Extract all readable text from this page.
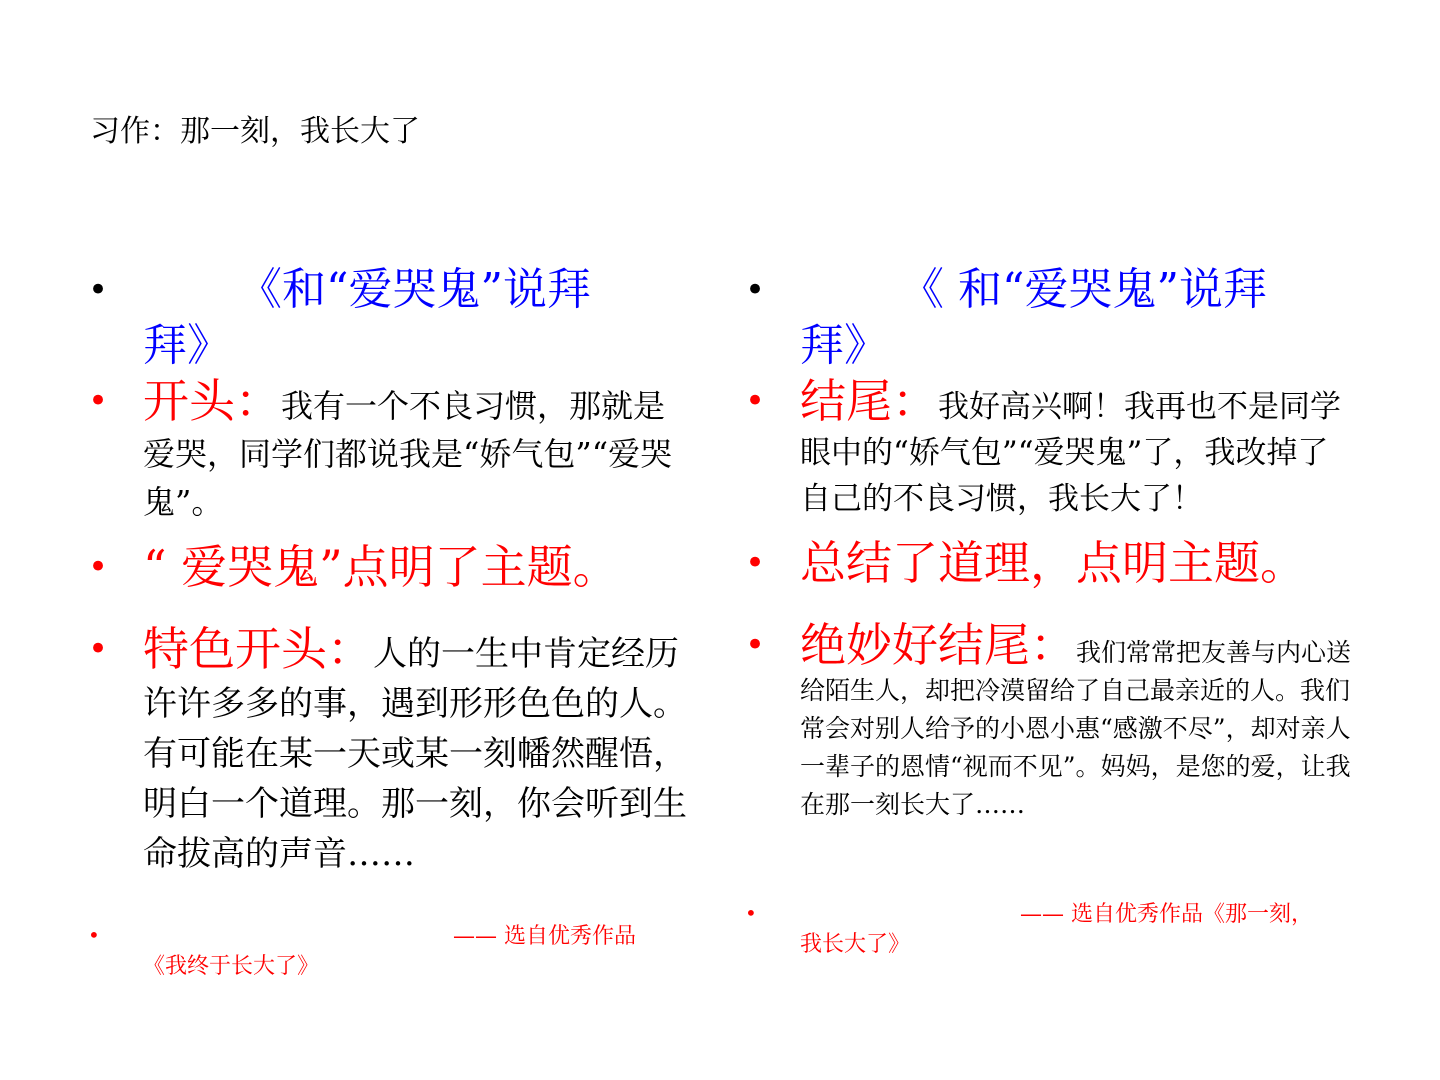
习作：那一刻，我长大了
•	《和“爱哭鬼”说拜
拜》
• 开头：我有一个不良习惯，那就是爱哭，同学们都说我是“娇气包”“爱哭鬼”。
• “ 爱哭鬼”点明了主题。
• 特色开头：人的一生中肯定经历许许多多的事，遇到形形色色的人。有可能在某一天或某一刻幡然醒悟，明白一个道理。那一刻，你会听到生命拔高的声音……
•	—— 选自优秀作品
《我终于长大了》
•	《 和“爱哭鬼”说拜
拜》
• 结尾：我好高兴啊！我再也不是同学眼中的“娇气包”“爱哭鬼”了，我改掉了自己的不良习惯，我长大了！
• 总结了道理，点明主题。
• 绝妙好结尾：我们常常把友善与内心送给陌生人，却把冷漠留给了自己最亲近的人。我们常会对别人给予的小恩小惠“感激不尽”，却对亲人一辈子的恩情“视而不见”。妈妈，是您的爱，让我在那一刻长大了……
•	—— 选自优秀作品《那一刻，
我长大了》
